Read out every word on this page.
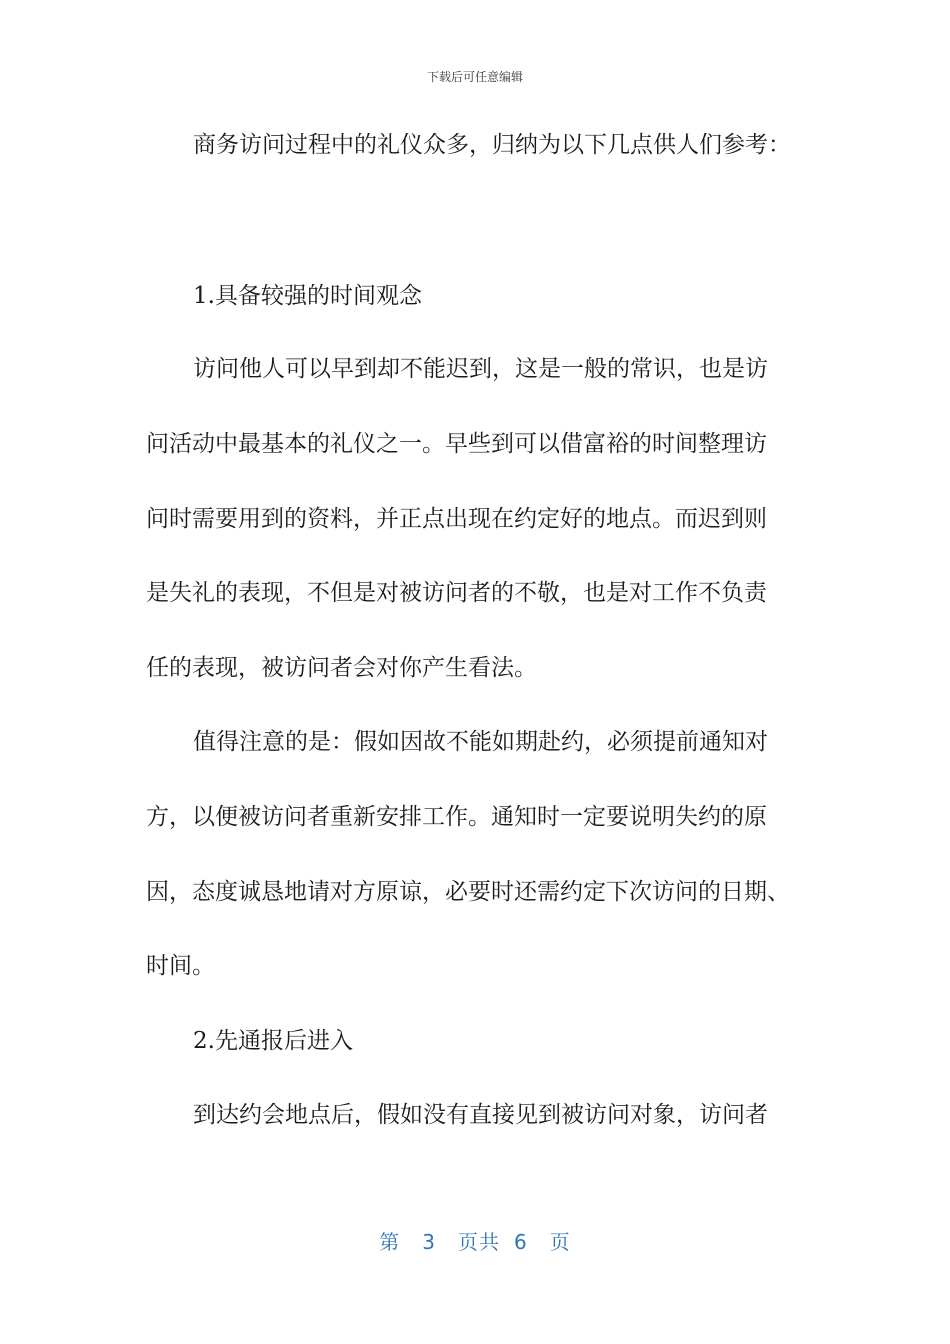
下载后可任意编辑
商务访问过程中的礼仪众多，归纳为以下几点供人们参考：
1.具备较强的时间观念
访问他人可以早到却不能迟到，这是一般的常识，也是访
问活动中最基本的礼仪之一。早些到可以借富裕的时间整理访
问时需要用到的资料，并正点出现在约定好的地点。而迟到则
是失礼的表现，不但是对被访问者的不敬，也是对工作不负责
任的表现，被访问者会对你产生看法。
值得注意的是：假如因故不能如期赴约，必须提前通知对
方，以便被访问者重新安排工作。通知时一定要说明失约的原
因，态度诚恳地请对方原谅，必要时还需约定下次访问的日期、
时间。
2.先通报后进入
到达约会地点后，假如没有直接见到被访问对象，访问者
第 3 页共 6 页
